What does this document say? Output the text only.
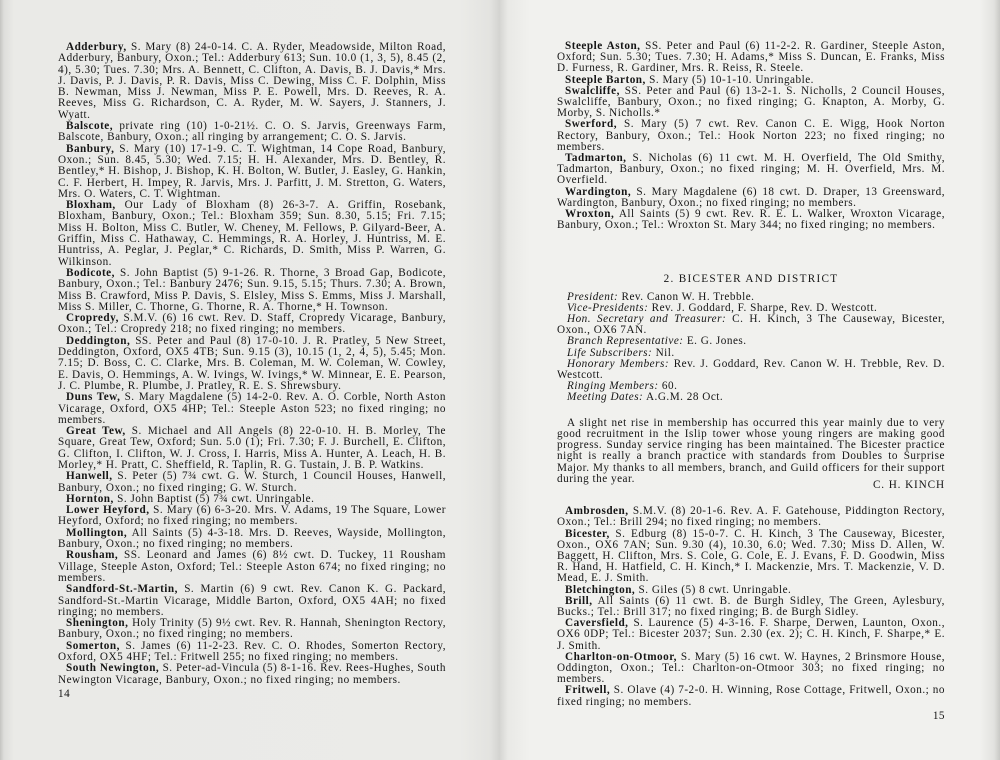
Adderbury, S. Mary (8) 24-0-14. C. A. Ryder, Meadowside, Milton Road, Adderbury, Banbury, Oxon.; Tel.: Adderbury 613; Sun. 10.0 (1, 3, 5), 8.45 (2, 4), 5.30; Tues. 7.30; Mrs. A. Bennett, C. Clifton, A. Davis, B. J. Davis,* Mrs. J. Davis, P. J. Davis, P. R. Davis, Miss C. Dewing, Miss C. F. Dolphin, Miss B. Newman, Miss J. Newman, Miss P. E. Powell, Mrs. D. Reeves, R. A. Reeves, Miss G. Richardson, C. A. Ryder, M. W. Sayers, J. Stanners, J. Wyatt.

Balscote, private ring (10) 1-0-21½. C. O. S. Jarvis, Greenways Farm, Balscote, Banbury, Oxon.; all ringing by arrangement; C. O. S. Jarvis.

Banbury, S. Mary (10) 17-1-9. C. T. Wightman, 14 Cope Road, Banbury, Oxon.; Sun. 8.45, 5.30; Wed. 7.15; H. H. Alexander, Mrs. D. Bentley, R. Bentley,* H. Bishop, J. Bishop, K. H. Bolton, W. Butler, J. Easley, G. Hankin, C. F. Herbert, H. Impey, R. Jarvis, Mrs. J. Parfitt, J. M. Stretton, G. Waters, Mrs. O. Waters, C. T. Wightman.

Bloxham, Our Lady of Bloxham (8) 26-3-7. A. Griffin, Rosebank, Bloxham, Banbury, Oxon.; Tel.: Bloxham 359; Sun. 8.30, 5.15; Fri. 7.15; Miss H. Bolton, Miss C. Butler, W. Cheney, M. Fellows, P. Gilyard-Beer, A. Griffin, Miss C. Hathaway, C. Hemmings, R. A. Horley, J. Huntriss, M. E. Huntriss, A. Peglar, J. Peglar,* C. Richards, D. Smith, Miss P. Warren, G. Wilkinson.

Bodicote, S. John Baptist (5) 9-1-26. R. Thorne, 3 Broad Gap, Bodicote, Banbury, Oxon.; Tel.: Banbury 2476; Sun. 9.15, 5.15; Thurs. 7.30; A. Brown, Miss B. Crawford, Miss P. Davis, S. Elsley, Miss S. Emms, Miss J. Marshall, Miss S. Miller, C. Thorne, G. Thorne, R. A. Thorne,* H. Townson.

Cropredy, S.M.V. (6) 16 cwt. Rev. D. Staff, Cropredy Vicarage, Banbury, Oxon.; Tel.: Cropredy 218; no fixed ringing; no members.

Deddington, SS. Peter and Paul (8) 17-0-10. J. R. Pratley, 5 New Street, Deddington, Oxford, OX5 4TB; Sun. 9.15 (3), 10.15 (1, 2, 4, 5), 5.45; Mon. 7.15; D. Boss, C. C. Clarke, Mrs. B. Coleman, M. W. Coleman, W. Cowley, E. Davis, O. Hemmings, A. W. Ivings, W. Ivings,* W. Minnear, E. E. Pearson, J. C. Plumbe, R. Plumbe, J. Pratley, R. E. S. Shrewsbury.

Duns Tew, S. Mary Magdalene (5) 14-2-0. Rev. A. O. Corble, North Aston Vicarage, Oxford, OX5 4HP; Tel.: Steeple Aston 523; no fixed ringing; no members.

Great Tew, S. Michael and All Angels (8) 22-0-10. H. B. Morley, The Square, Great Tew, Oxford; Sun. 5.0 (1); Fri. 7.30; F. J. Burchell, E. Clifton, G. Clifton, I. Clifton, W. J. Cross, I. Harris, Miss A. Hunter, A. Leach, H. B. Morley,* H. Pratt, C. Sheffield, R. Taplin, R. G. Tustain, J. B. P. Watkins.

Hanwell, S. Peter (5) 7¾ cwt. G. W. Sturch, 1 Council Houses, Hanwell, Banbury, Oxon.; no fixed ringing; G. W. Sturch.

Hornton, S. John Baptist (5) 7¾ cwt. Unringable.

Lower Heyford, S. Mary (6) 6-3-20. Mrs. V. Adams, 19 The Square, Lower Heyford, Oxford; no fixed ringing; no members.

Mollington, All Saints (5) 4-3-18. Mrs. D. Reeves, Wayside, Mollington, Banbury, Oxon.; no fixed ringing; no members.

Rousham, SS. Leonard and James (6) 8½ cwt. D. Tuckey, 11 Rousham Village, Steeple Aston, Oxford; Tel.: Steeple Aston 674; no fixed ringing; no members.

Sandford-St.-Martin, S. Martin (6) 9 cwt. Rev. Canon K. G. Packard, Sandford-St.-Martin Vicarage, Middle Barton, Oxford, OX5 4AH; no fixed ringing; no members.

Shenington, Holy Trinity (5) 9½ cwt. Rev. R. Hannah, Shenington Rectory, Banbury, Oxon.; no fixed ringing; no members.

Somerton, S. James (6) 11-2-23. Rev. C. O. Rhodes, Somerton Rectory, Oxford, OX5 4HF; Tel.: Fritwell 255; no fixed ringing; no members.

South Newington, S. Peter-ad-Vincula (5) 8-1-16. Rev. Rees-Hughes, South Newington Vicarage, Banbury, Oxon.; no fixed ringing; no members.

14

Steeple Aston, SS. Peter and Paul (6) 11-2-2. R. Gardiner, Steeple Aston, Oxford; Sun. 5.30; Tues. 7.30; H. Adams,* Miss S. Duncan, E. Franks, Miss D. Furness, R. Gardiner, Mrs. R. Reiss, R. Steele.

Steeple Barton, S. Mary (5) 10-1-10. Unringable.

Swalcliffe, SS. Peter and Paul (6) 13-2-1. S. Nicholls, 2 Council Houses, Swalcliffe, Banbury, Oxon.; no fixed ringing; G. Knapton, A. Morby, G. Morby, S. Nicholls.*

Swerford, S. Mary (5) 7 cwt. Rev. Canon C. E. Wigg, Hook Norton Rectory, Banbury, Oxon.; Tel.: Hook Norton 223; no fixed ringing; no members.

Tadmarton, S. Nicholas (6) 11 cwt. M. H. Overfield, The Old Smithy, Tadmarton, Banbury, Oxon.; no fixed ringing; M. H. Overfield, Mrs. M. Overfield.

Wardington, S. Mary Magdalene (6) 18 cwt. D. Draper, 13 Greensward, Wardington, Banbury, Oxon.; no fixed ringing; no members.

Wroxton, All Saints (5) 9 cwt. Rev. R. E. L. Walker, Wroxton Vicarage, Banbury, Oxon.; Tel.: Wroxton St. Mary 344; no fixed ringing; no members.

2. BICESTER AND DISTRICT

President: Rev. Canon W. H. Trebble.

Vice-Presidents: Rev. J. Goddard, F. Sharpe, Rev. D. Westcott.

Hon. Secretary and Treasurer: C. H. Kinch, 3 The Causeway, Bicester, Oxon., OX6 7AN.

Branch Representative: E. G. Jones.

Life Subscribers: Nil.

Honorary Members: Rev. J. Goddard, Rev. Canon W. H. Trebble, Rev. D. Westcott.

Ringing Members: 60.

Meeting Dates: A.G.M. 28 Oct.

A slight net rise in membership has occurred this year mainly due to very good recruitment in the Islip tower whose young ringers are making good progress. Sunday service ringing has been maintained. The Bicester practice night is really a branch practice with standards from Doubles to Surprise Major. My thanks to all members, branch, and Guild officers for their support during the year.

C. H. KINCH

Ambrosden, S.M.V. (8) 20-1-6. Rev. A. F. Gatehouse, Piddington Rectory, Oxon.; Tel.: Brill 294; no fixed ringing; no members.

Bicester, S. Edburg (8) 15-0-7. C. H. Kinch, 3 The Causeway, Bicester, Oxon., OX6 7AN; Sun. 9.30 (4), 10.30, 6.0; Wed. 7.30; Miss D. Allen, W. Baggett, H. Clifton, Mrs. S. Cole, G. Cole, E. J. Evans, F. D. Goodwin, Miss R. Hand, H. Hatfield, C. H. Kinch,* I. Mackenzie, Mrs. T. Mackenzie, V. D. Mead, E. J. Smith.

Bletchington, S. Giles (5) 8 cwt. Unringable.

Brill, All Saints (6) 11 cwt. B. de Burgh Sidley, The Green, Aylesbury, Bucks.; Tel.: Brill 317; no fixed ringing; B. de Burgh Sidley.

Caversfield, S. Laurence (5) 4-3-16. F. Sharpe, Derwen, Launton, Oxon., OX6 0DP; Tel.: Bicester 2037; Sun. 2.30 (ex. 2); C. H. Kinch, F. Sharpe,* E. J. Smith.

Charlton-on-Otmoor, S. Mary (5) 16 cwt. W. Haynes, 2 Brinsmore House, Oddington, Oxon.; Tel.: Charlton-on-Otmoor 303; no fixed ringing; no members.

Fritwell, S. Olave (4) 7-2-0. H. Winning, Rose Cottage, Fritwell, Oxon.; no fixed ringing; no members.

15
